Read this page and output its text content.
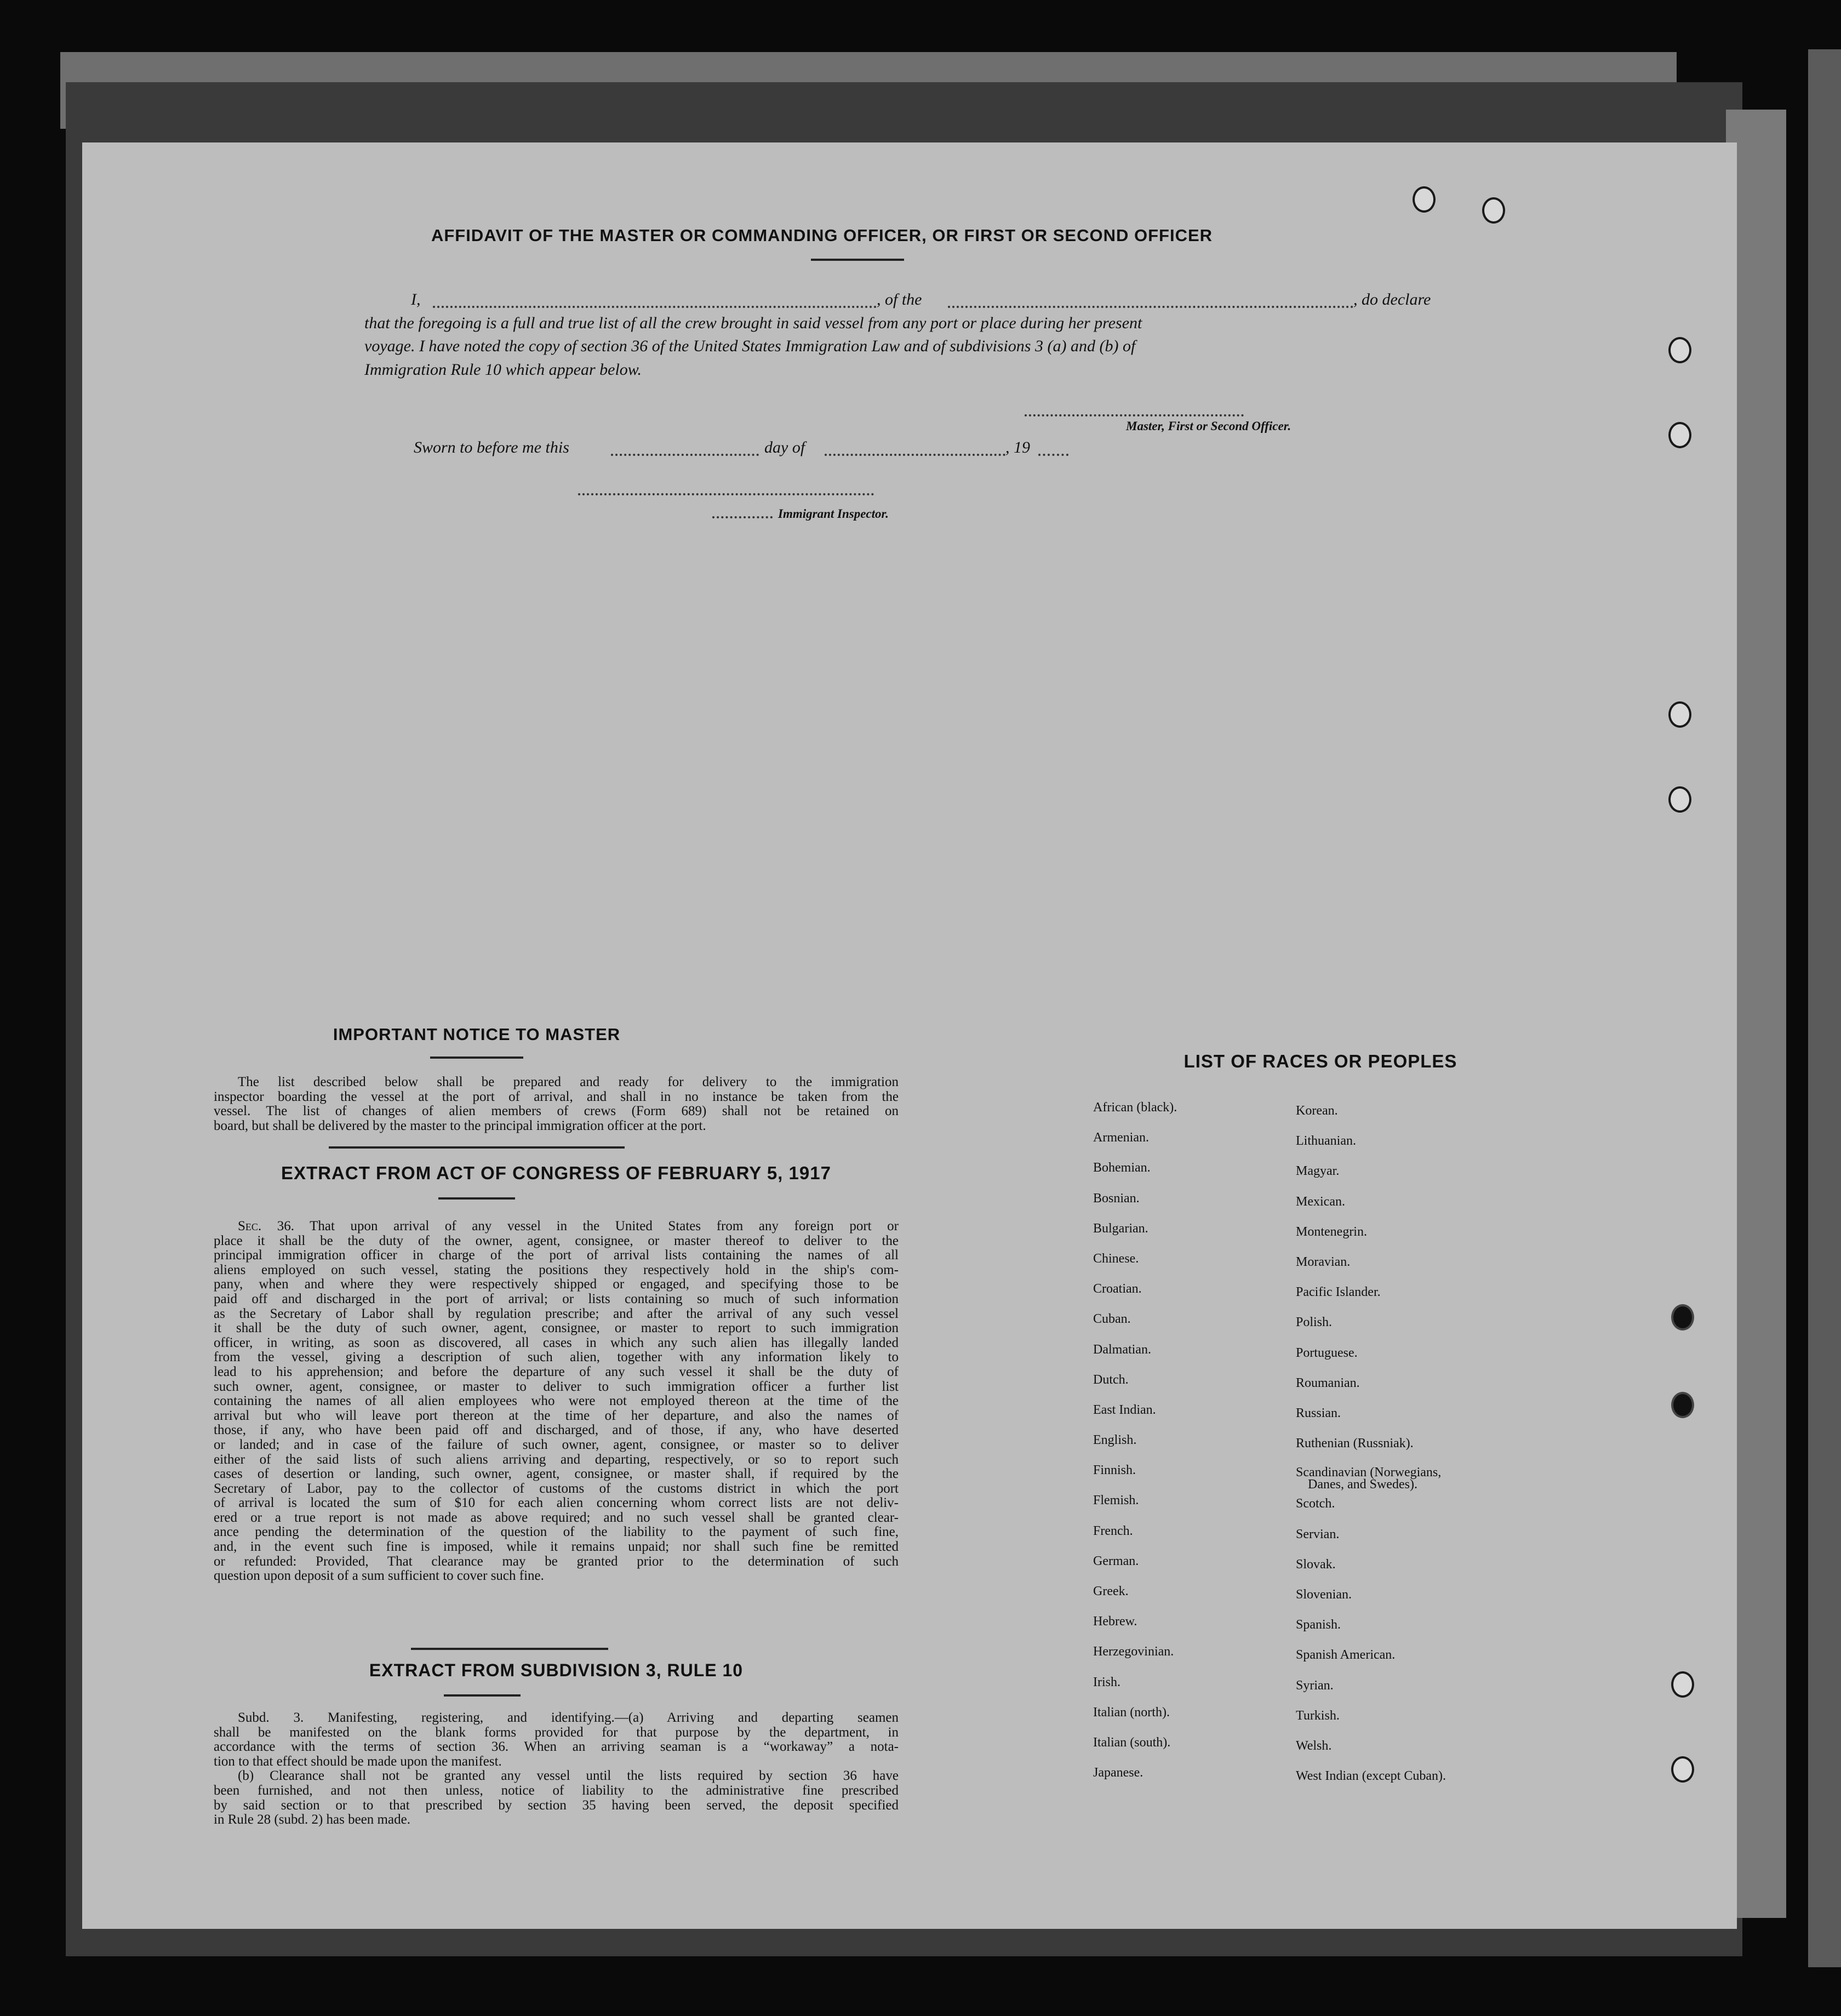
AFFIDAVIT OF THE MASTER OR COMMANDING OFFICER, OR FIRST OR SECOND OFFICER
I,	, of the	, do declare
that the foregoing is a full and true list of all the crew brought in said vessel from any port or place during her present
voyage. I have noted the copy of section 36 of the United States Immigration Law and of subdivisions 3 (a) and (b) of
Immigration Rule 10 which appear below.
Master, First or Second Officer.
Sworn to before me this	day of	, 19
Immigrant Inspector.
IMPORTANT NOTICE TO MASTER

The list described below shall be prepared and ready for delivery to the immigration

inspector boarding the vessel at the port of arrival, and shall in no instance be taken from the
vessel. The list of changes of alien members of crews (Form 689) shall not be retained on
board, but shall be delivered by the master to the principal immigration officer at the port.
EXTRACT FROM ACT OF CONGRESS OF FEBRUARY 5, 1917
Sec. 36. That upon arrival of any vessel in the United States from any foreign port or
place it shall be the duty of the owner, agent, consignee, or master thereof to deliver to the
principal immigration officer in charge of the port of arrival lists containing the names of all
aliens employed on such vessel, stating the positions they respectively hold in the ship's com-
pany, when and where they were respectively shipped or engaged, and specifying those to be
paid off and discharged in the port of arrival; or lists containing so much of such information
as the Secretary of Labor shall by regulation prescribe; and after the arrival of any such vessel
it shall be the duty of such owner, agent, consignee, or master to report to such immigration
officer, in writing, as soon as discovered, all cases in which any such alien has illegally landed
from the vessel, giving a description of such alien, together with any information likely to
lead to his apprehension; and before the departure of any such vessel it shall be the duty of
such owner, agent, consignee, or master to deliver to such immigration officer a further list
containing the names of all alien employees who were not employed thereon at the time of the
arrival but who will leave port thereon at the time of her departure, and also the names of
those, if any, who have been paid off and discharged, and of those, if any, who have deserted
or landed; and in case of the failure of such owner, agent, consignee, or master so to deliver
either of the said lists of such aliens arriving and departing, respectively, or so to report such
cases of desertion or landing, such owner, agent, consignee, or master shall, if required by the
Secretary of Labor, pay to the collector of customs of the customs district in which the port
of arrival is located the sum of $10 for each alien concerning whom correct lists are not deliv-
ered or a true report is not made as above required; and no such vessel shall be granted clear-
ance pending the determination of the question of the liability to the payment of such fine,
and, in the event such fine is imposed, while it remains unpaid; nor shall such fine be remitted
or refunded: Provided, That clearance may be granted prior to the determination of such
question upon deposit of a sum sufficient to cover such fine.
EXTRACT FROM SUBDIVISION 3, RULE 10

Subd. 3. Manifesting, registering, and identifying.—(a) Arriving and departing seamen

shall be manifested on the blank forms provided for that purpose by the department, in
accordance with the terms of section 36. When an arriving seaman is a “workaway” a nota-
tion to that effect should be made upon the manifest.

(b) Clearance shall not be granted any vessel until the lists required by section 36 have

been furnished, and not then unless, notice of liability to the administrative fine prescribed
by said section or to that prescribed by section 35 having been served, the deposit specified
in Rule 28 (subd. 2) has been made.
LIST OF RACES OR PEOPLES
African (black).
Armenian.
Bohemian.
Bosnian.
Bulgarian.
Chinese.
Croatian.
Cuban.
Dalmatian.
Dutch.
East Indian.
English.
Finnish.
Flemish.
French.
German.
Greek.
Hebrew.
Herzegovinian.
Irish.
Italian (north).
Italian (south).
Japanese.
Korean.
Lithuanian.
Magyar.
Mexican.
Montenegrin.
Moravian.
Pacific Islander.
Polish.
Portuguese.
Roumanian.
Russian.
Ruthenian (Russniak).
Scandinavian (Norwegians,
Danes, and Swedes).
Scotch.
Servian.
Slovak.
Slovenian.
Spanish.
Spanish American.
Syrian.
Turkish.
Welsh.
West Indian (except Cuban).
